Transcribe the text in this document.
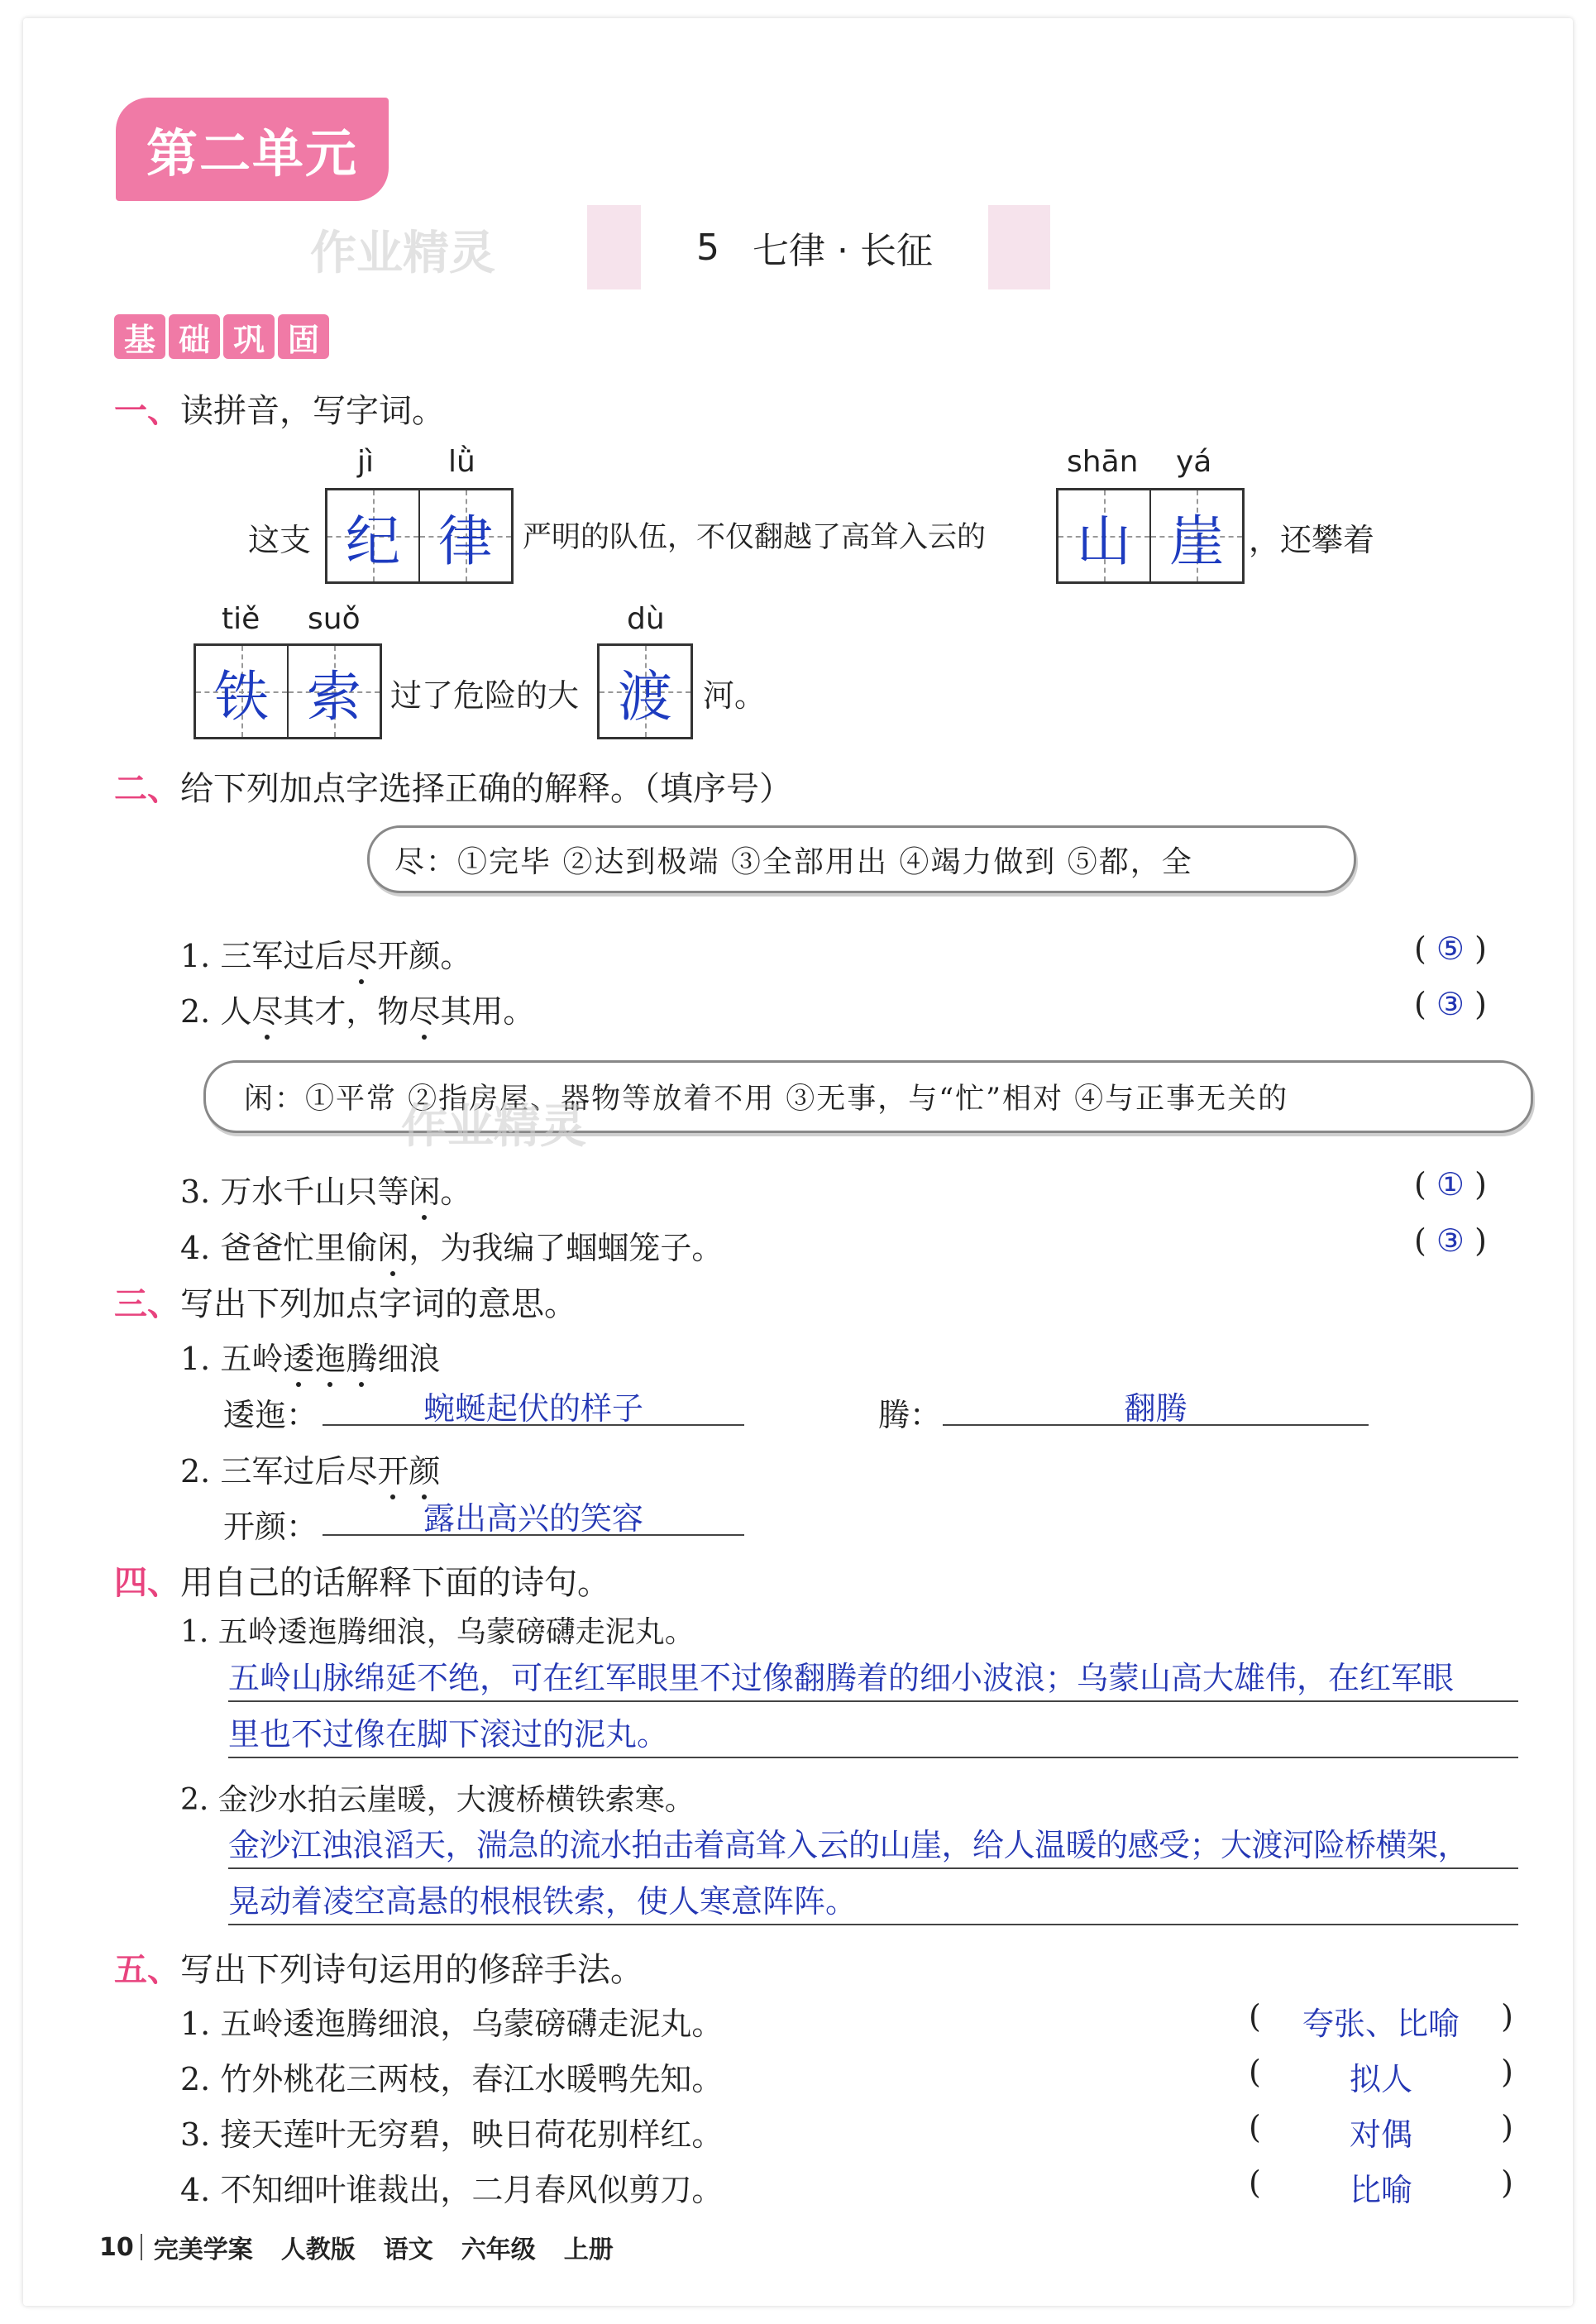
第二单元
作业精灵	5 七律 · 长征
基 础 巩 固
一、读拼音，写字词。
jì lǜ
这支 纪 律 严明的队伍，不仅翻越了高耸入云的
shān yá
山 崖 ，还攀着
tiě suǒ
铁 索 过了危险的大
dù
渡 河。
二、给下列加点字选择正确的解释。（填序号）
尽：①完毕 ②达到极端 ③全部用出 ④竭力做到 ⑤都，全
1. 三军过后尽开颜。	( ⑤ )
2. 人尽其才，物尽其用。	( ③ )
闲：①平常 ②指房屋、器物等放着不用 ③无事，与“忙”相对 ④与正事无关的
作业精灵
3. 万水千山只等闲。	( ① )
4. 爸爸忙里偷闲，为我编了蝈蝈笼子。	( ③ )
三、写出下列加点字词的意思。
1. 五岭逶迤腾细浪
逶迤：	蜿蜒起伏的样子	腾：	翻腾
2. 三军过后尽开颜
开颜：	露出高兴的笑容
四、用自己的话解释下面的诗句。
1. 五岭逶迤腾细浪，乌蒙磅礴走泥丸。
五岭山脉绵延不绝，可在红军眼里不过像翻腾着的细小波浪；乌蒙山高大雄伟，在红军眼
里也不过像在脚下滚过的泥丸。
2. 金沙水拍云崖暖，大渡桥横铁索寒。
金沙江浊浪滔天，湍急的流水拍击着高耸入云的山崖，给人温暖的感受；大渡河险桥横架，
晃动着凌空高悬的根根铁索，使人寒意阵阵。
五、写出下列诗句运用的修辞手法。
1. 五岭逶迤腾细浪，乌蒙磅礴走泥丸。	( 夸张、比喻 )
2. 竹外桃花三两枝，春江水暖鸭先知。	(	拟人	)
3. 接天莲叶无穷碧，映日荷花别样红。	(	对偶	)
4. 不知细叶谁裁出，二月春风似剪刀。	(	比喻	)
10 完美学案 人教版 语文 六年级 上册
